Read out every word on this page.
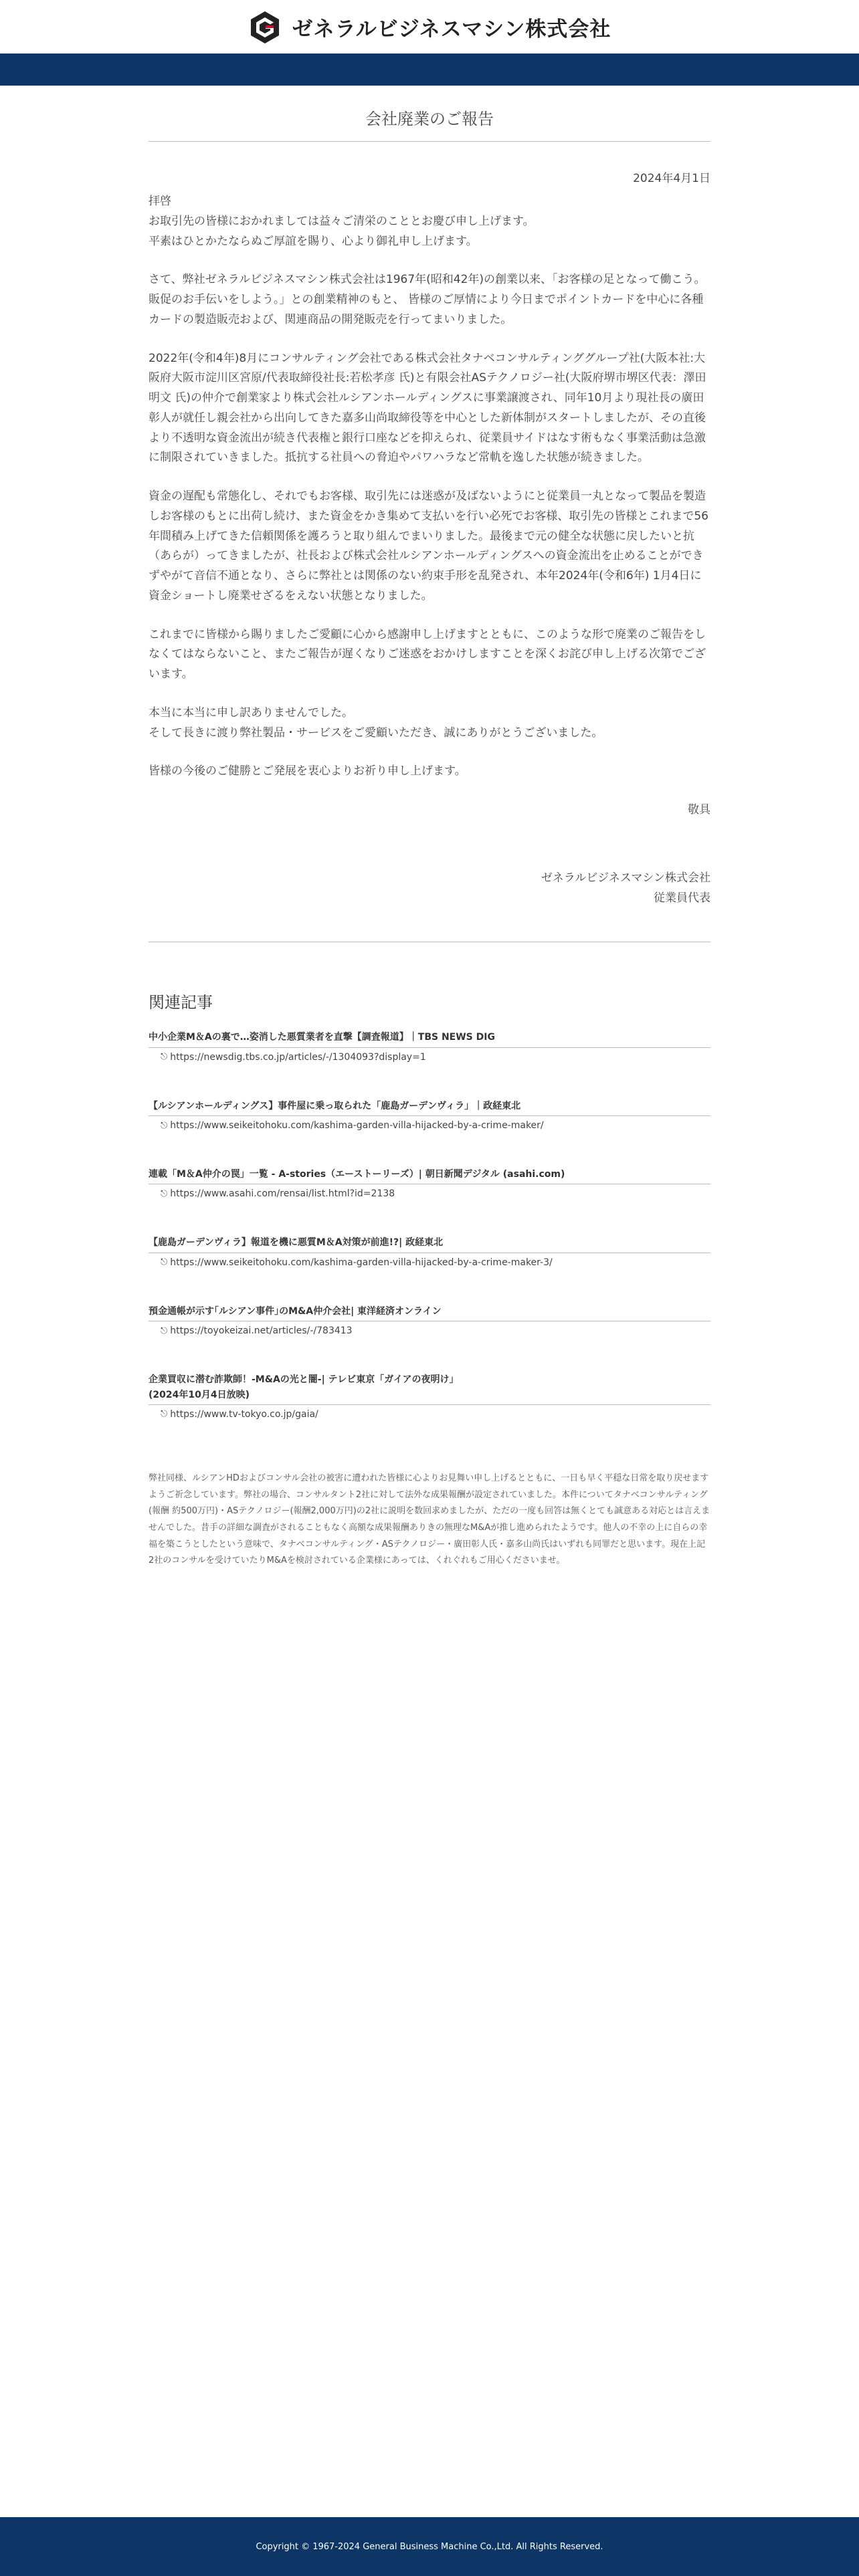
ゼネラルビジネスマシン株式会社
会社廃業のご報告
2024年4月1日
拝啓
お取引先の皆様におかれましては益々ご清栄のこととお慶び申し上げます。
平素はひとかたならぬご厚誼を賜り、心より御礼申し上げます。

さて、弊社ゼネラルビジネスマシン株式会社は1967年(昭和42年)の創業以来、「お客様の足となって働こう。販促のお手伝いをしよう。」との創業精神のもと、 皆様のご厚情により今日までポイントカードを中心に各種カードの製造販売および、関連商品の開発販売を行ってまいりました。

2022年(令和4年)8月にコンサルティング会社である株式会社タナベコンサルティンググループ社(大阪本社:大阪府大阪市淀川区宮原/代表取締役社長:若松孝彦 氏)と有限会社ASテクノロジー社(大阪府堺市堺区代表：澤田明文 氏)の仲介で創業家より株式会社ルシアンホールディングスに事業譲渡され、同年10月より現社長の廣田彰人が就任し親会社から出向してきた嘉多山尚取締役等を中心とした新体制がスタートしましたが、その直後より不透明な資金流出が続き代表権と銀行口座などを抑えられ、従業員サイドはなす術もなく事業活動は急激に制限されていきました。抵抗する社員への脅迫やパワハラなど常軌を逸した状態が続きました。

資金の遅配も常態化し、それでもお客様、取引先には迷惑が及ばないようにと従業員一丸となって製品を製造しお客様のもとに出荷し続け、また資金をかき集めて支払いを行い必死でお客様、取引先の皆様とこれまで56年間積み上げてきた信頼関係を護ろうと取り組んでまいりました。最後まで元の健全な状態に戻したいと抗（あらが）ってきましたが、社長および株式会社ルシアンホールディングスへの資金流出を止めることができずやがて音信不通となり、さらに弊社とは関係のない約束手形を乱発され、本年2024年(令和6年) 1月4日に資金ショートし廃業せざるをえない状態となりました。

これまでに皆様から賜りましたご愛顧に心から感謝申し上げますとともに、このような形で廃業のご報告をしなくてはならないこと、またご報告が遅くなりご迷惑をおかけしますことを深くお詫び申し上げる次第でございます。

本当に本当に申し訳ありませんでした。
そして長きに渡り弊社製品・サービスをご愛顧いただき、誠にありがとうございました。

皆様の今後のご健勝とご発展を衷心よりお祈り申し上げます。

敬具
ゼネラルビジネスマシン株式会社
従業員代表
関連記事
中小企業M＆Aの裏で…姿消した悪質業者を直撃【調査報道】｜TBS NEWS DIG
⎋ https://newsdig.tbs.co.jp/articles/-/1304093?display=1
【ルシアンホールディングス】事件屋に乗っ取られた「鹿島ガーデンヴィラ」｜政経東北
⎋ https://www.seikeitohoku.com/kashima-garden-villa-hijacked-by-a-crime-maker/
連載「M＆A仲介の罠」一覧 - A-stories（エーストーリーズ）| 朝日新聞デジタル (asahi.com)
⎋ https://www.asahi.com/rensai/list.html?id=2138
【鹿島ガーデンヴィラ】報道を機に悪質M＆A対策が前進!?| 政経東北
⎋ https://www.seikeitohoku.com/kashima-garden-villa-hijacked-by-a-crime-maker-3/
預金通帳が示す｢ルシアン事件｣のM&A仲介会社| 東洋経済オンライン
⎋ https://toyokeizai.net/articles/-/783413
企業買収に潜む詐欺師！-M&Aの光と闇-| テレビ東京「ガイアの夜明け」
(2024年10月4日放映)
⎋ https://www.tv-tokyo.co.jp/gaia/

弊社同様、ルシアンHDおよびコンサル会社の被害に遭われた皆様に心よりお見舞い申し上げるとともに、一日も早く平穏な日常を取り戻せますようご祈念しています。弊社の場合、コンサルタント2社に対して法外な成果報酬が設定されていました。本件についてタナベコンサルティング(報酬 約500万円)・ASテクノロジー(報酬2,000万円)の2社に説明を数回求めましたが、ただの一度も回答は無くとても誠意ある対応とは言えませんでした。昔手の詳細な調査がされることもなく高額な成果報酬ありきの無理なM&Aが推し進められたようです。他人の不幸の上に自らの幸福を築こうとしたという意味で、タナベコンサルティング・ASテクノロジー・廣田彰人氏・嘉多山尚氏はいずれも同罪だと思います。現在上記2社のコンサルを受けていたりM&Aを検討されている企業様にあっては、くれぐれもご用心くださいませ。

Copyright © 1967-2024 General Business Machine Co.,Ltd. All Rights Reserved.
